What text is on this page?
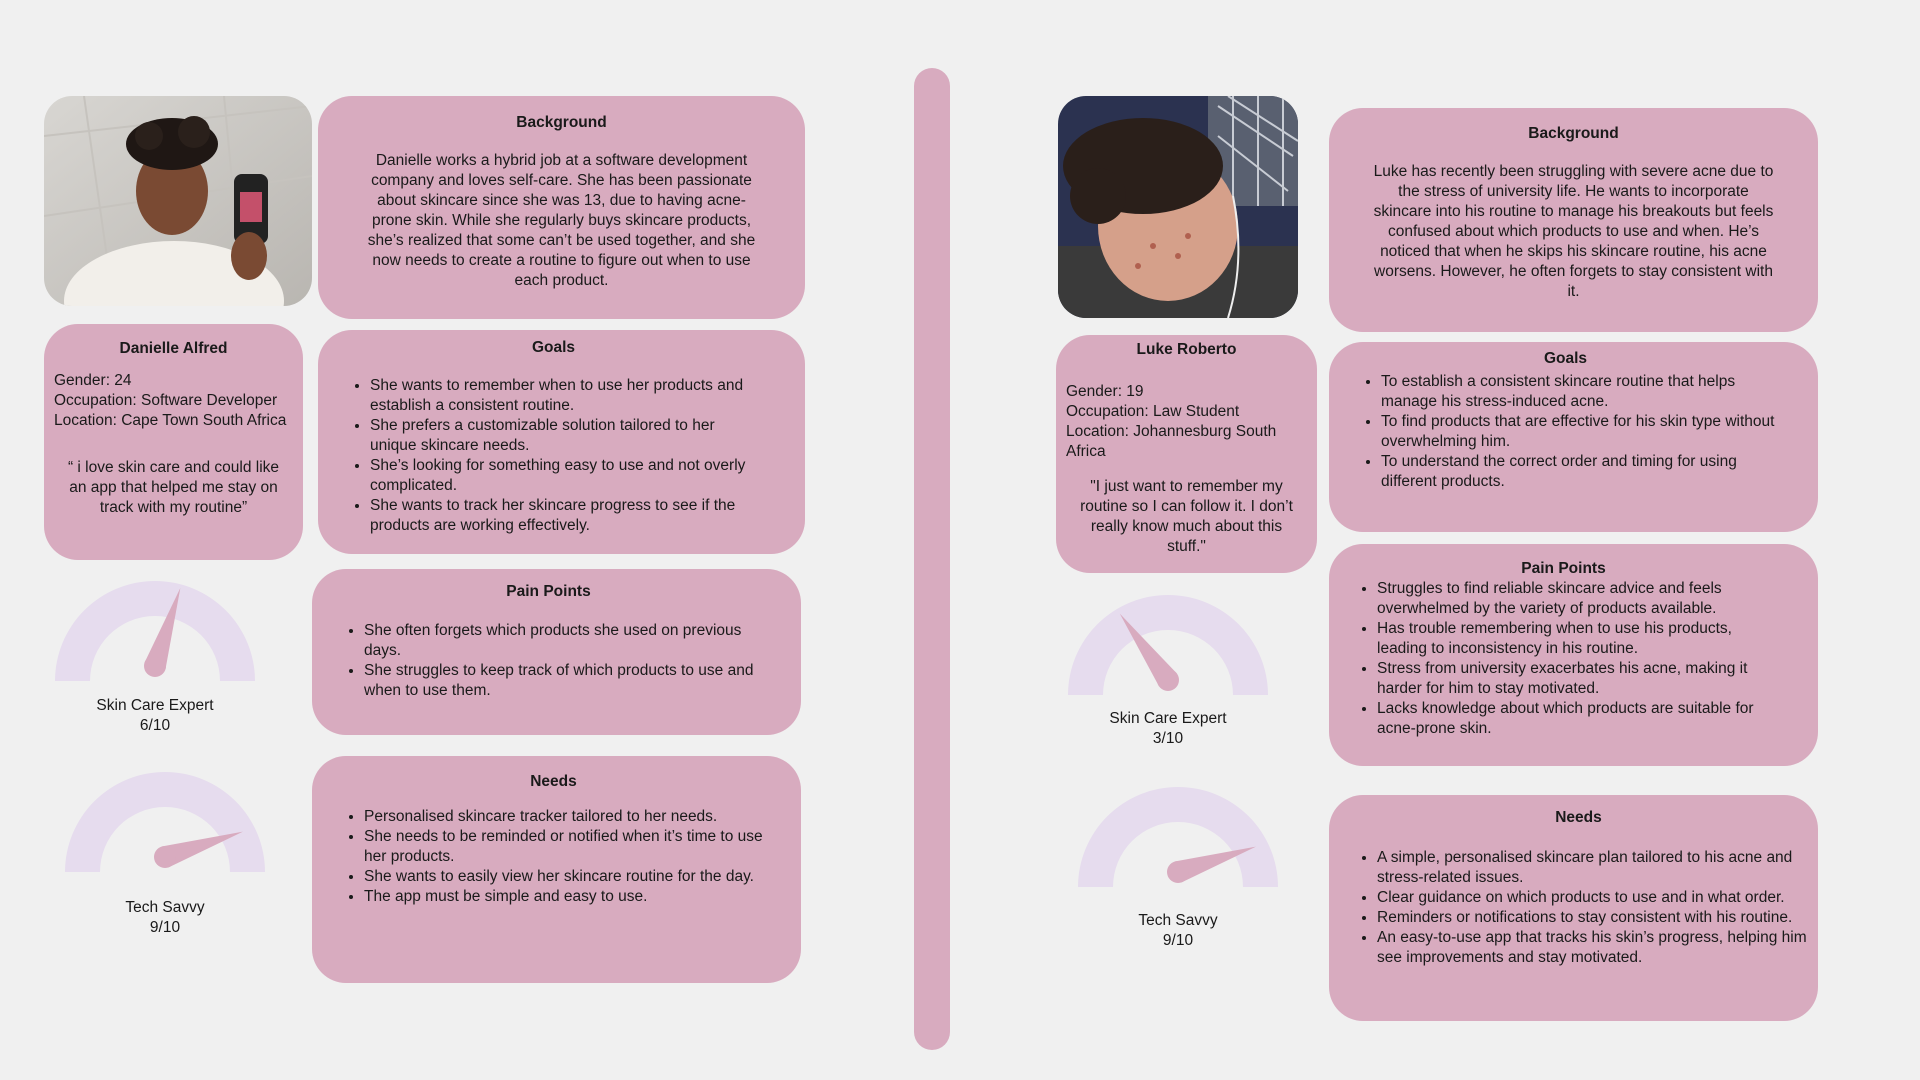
Background

Danielle works a hybrid job at a software development company and loves self-care. She has been passionate about skincare since she was 13, due to having acne-prone skin. While she regularly buys skincare products, she’s realized that some can’t be used together, and she now needs to create a routine to figure out when to use each product.

Danielle Alfred
Gender: 24
Occupation: Software Developer
Location: Cape Town South Africa
“ i love skin care and could like an app that helped me stay on track with my routine”
Goals
• She wants to remember when to use her products and establish a consistent routine.
• She prefers a customizable solution tailored to her unique skincare needs.
• She’s looking for something easy to use and not overly complicated.
• She wants to track her skincare progress to see if the products are working effectively.
Pain Points
• She often forgets which products she used on previous days.
• She struggles to keep track of which products to use and when to use them.
Needs
• Personalised skincare tracker tailored to her needs.
• She needs to be reminded or notified when it’s time to use her products.
• She wants to easily view her skincare routine for the day.
• The app must be simple and easy to use.
Skin Care Expert
6/10
Tech Savvy
9/10
Background

Luke has recently been struggling with severe acne due to the stress of university life. He wants to incorporate skincare into his routine to manage his breakouts but feels confused about which products to use and when. He’s noticed that when he skips his skincare routine, his acne worsens. However, he often forgets to stay consistent with it.

Luke Roberto
Gender: 19
Occupation: Law Student
Location: Johannesburg South Africa
"I just want to remember my routine so I can follow it. I don’t really know much about this stuff."
Goals
• To establish a consistent skincare routine that helps manage his stress-induced acne.
• To find products that are effective for his skin type without overwhelming him.
• To understand the correct order and timing for using different products.
Pain Points
• Struggles to find reliable skincare advice and feels overwhelmed by the variety of products available.
• Has trouble remembering when to use his products, leading to inconsistency in his routine.
• Stress from university exacerbates his acne, making it harder for him to stay motivated.
• Lacks knowledge about which products are suitable for acne-prone skin.
Needs
• A simple, personalised skincare plan tailored to his acne and stress-related issues.
• Clear guidance on which products to use and in what order.
• Reminders or notifications to stay consistent with his routine.
• An easy-to-use app that tracks his skin’s progress, helping him see improvements and stay motivated.
Skin Care Expert
3/10
Tech Savvy
9/10
